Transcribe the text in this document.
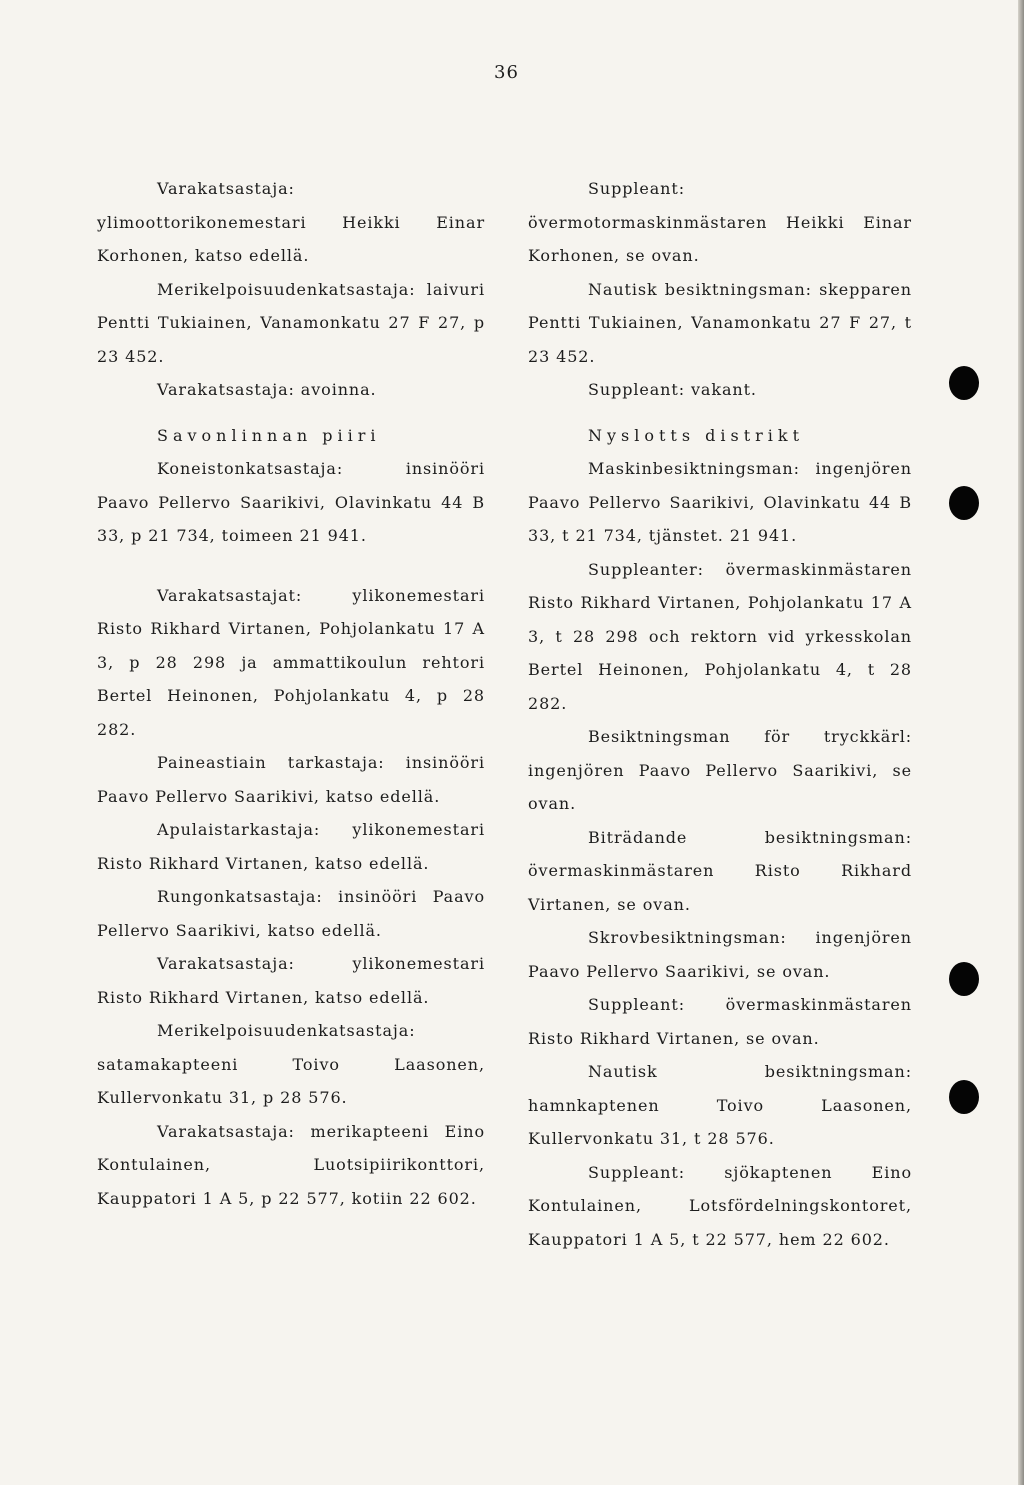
36

Varakatsastaja: ylimoottorikonemestari Heikki Einar Korhonen, katso edellä.

Merikelpoisuudenkatsastaja: laivuri Pentti Tukiainen, Vanamonkatu 27 F 27, p 23 452.

Varakatsastaja: avoinna.

Savonlinnan piiri

Koneistonkatsastaja: insinööri Paavo Pellervo Saarikivi, Olavinkatu 44 B 33, p 21 734, toimeen 21 941.

Varakatsastajat: ylikonemestari Risto Rikhard Virtanen, Pohjolankatu 17 A 3, p 28 298 ja ammattikoulun rehtori Bertel Heinonen, Pohjolankatu 4, p 28 282.

Paineastiain tarkastaja: insinööri Paavo Pellervo Saarikivi, katso edellä.

Apulaistarkastaja: ylikonemestari Risto Rikhard Virtanen, katso edellä.

Rungonkatsastaja: insinööri Paavo Pellervo Saarikivi, katso edellä.

Varakatsastaja: ylikonemestari Risto Rikhard Virtanen, katso edellä.

Merikelpoisuudenkatsastaja: satamakapteeni Toivo Laasonen, Kullervonkatu 31, p 28 576.

Varakatsastaja: merikapteeni Eino Kontulainen, Luotsipiirikonttori, Kauppatori 1 A 5, p 22 577, kotiin 22 602.

Suppleant: övermotormaskinmästaren Heikki Einar Korhonen, se ovan.

Nautisk besiktningsman: skepparen Pentti Tukiainen, Vanamonkatu 27 F 27, t 23 452.

Suppleant: vakant.

Nyslotts distrikt

Maskinbesiktningsman: ingenjören Paavo Pellervo Saarikivi, Olavinkatu 44 B 33, t 21 734, tjänstet. 21 941.

Suppleanter: övermaskinmästaren Risto Rikhard Virtanen, Pohjolankatu 17 A 3, t 28 298 och rektorn vid yrkesskolan Bertel Heinonen, Pohjolankatu 4, t 28 282.

Besiktningsman för tryckkärl: ingenjören Paavo Pellervo Saarikivi, se ovan.

Biträdande besiktningsman: övermaskinmästaren Risto Rikhard Virtanen, se ovan.

Skrovbesiktningsman: ingenjören Paavo Pellervo Saarikivi, se ovan.

Suppleant: övermaskinmästaren Risto Rikhard Virtanen, se ovan.

Nautisk besiktningsman: hamnkaptenen Toivo Laasonen, Kullervonkatu 31, t 28 576.

Suppleant: sjökaptenen Eino Kontulainen, Lotsfördelningskontoret, Kauppatori 1 A 5, t 22 577, hem 22 602.
